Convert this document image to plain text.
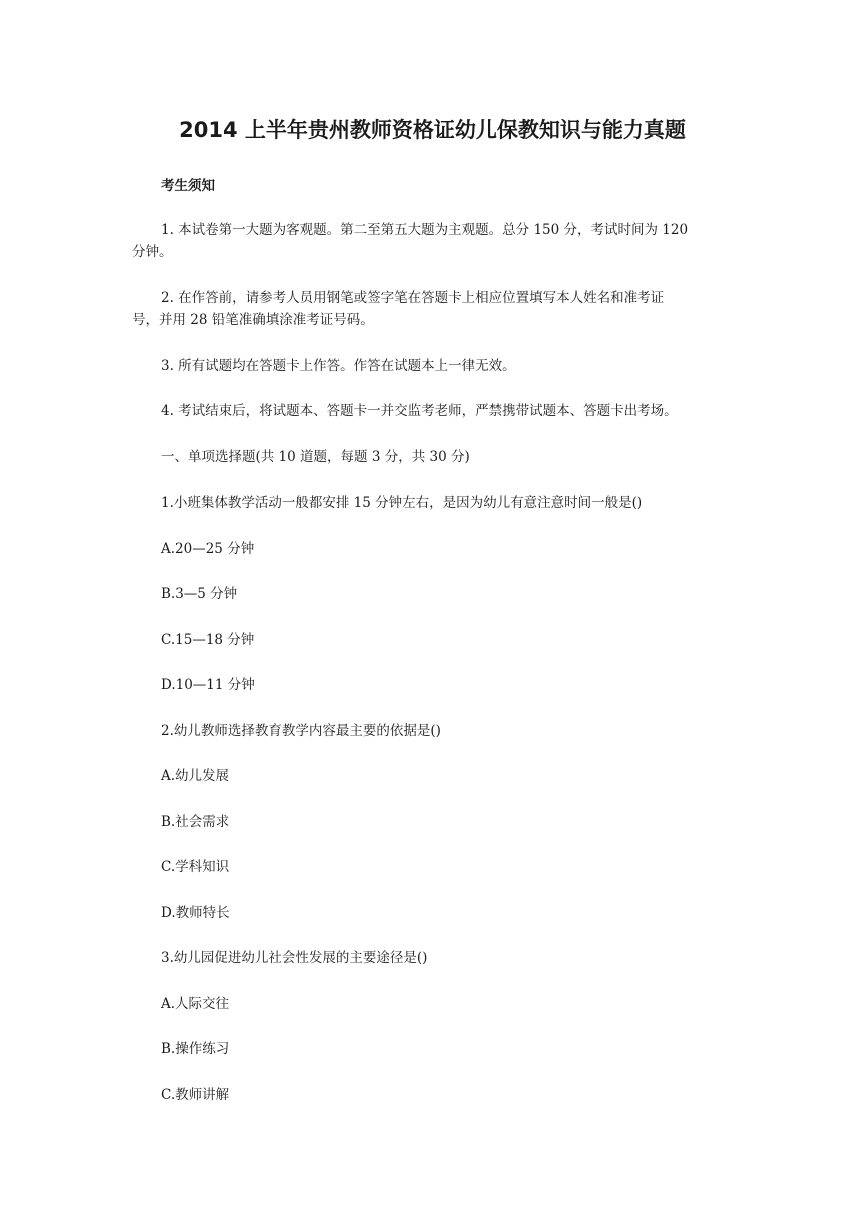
2014 上半年贵州教师资格证幼儿保教知识与能力真题

考生须知

1. 本试卷第一大题为客观题。第二至第五大题为主观题。总分 150 分，考试时间为 120

分钟。

2. 在作答前，请参考人员用钢笔或签字笔在答题卡上相应位置填写本人姓名和准考证

号，并用 28 铅笔准确填涂准考证号码。

3. 所有试题均在答题卡上作答。作答在试题本上一律无效。

4. 考试结束后，将试题本、答题卡一并交监考老师，严禁携带试题本、答题卡出考场。

一、单项选择题(共 10 道题，每题 3 分，共 30 分)

1.小班集体教学活动一般都安排 15 分钟左右，是因为幼儿有意注意时间一般是()

A.20—25 分钟

B.3—5 分钟

C.15—18 分钟

D.10—11 分钟

2.幼儿教师选择教育教学内容最主要的依据是()

A.幼儿发展

B.社会需求

C.学科知识

D.教师特长

3.幼儿园促进幼儿社会性发展的主要途径是()

A.人际交往

B.操作练习

C.教师讲解
